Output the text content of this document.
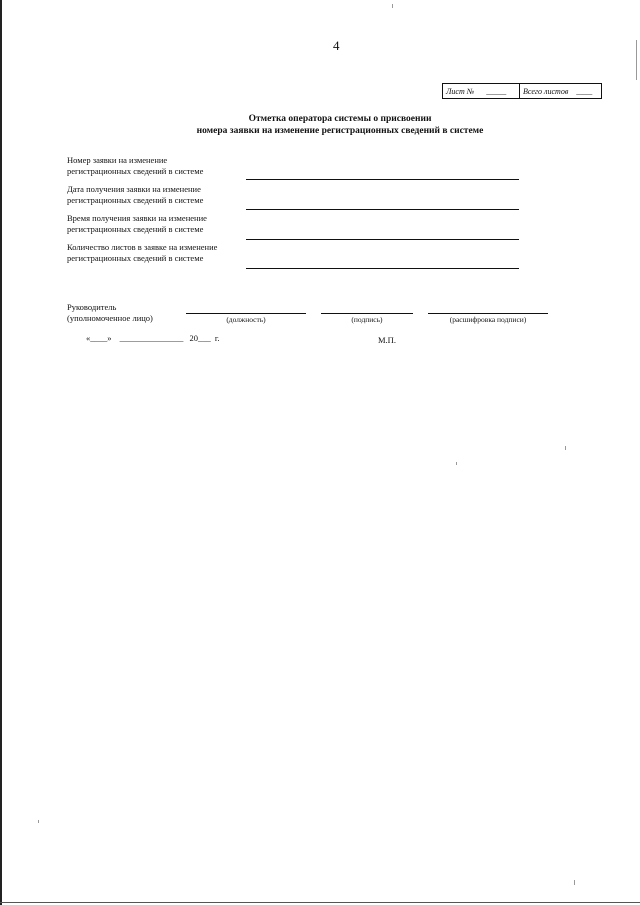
4
Лист № _____	Всего листов ____
Отметка оператора системы о присвоении
номера заявки на изменение регистрационных сведений в системе
Номер заявки на изменение
регистрационных сведений в системе
Дата получения заявки на изменение
регистрационных сведений в системе
Время получения заявки на изменение
регистрационных сведений в системе
Количество листов в заявке на изменение
регистрационных сведений в системе
Руководитель
(уполномоченное лицо)	(должность)	(подпись)	(расшифровка подписи)
«____» _______________ 20___ г.	М.П.
